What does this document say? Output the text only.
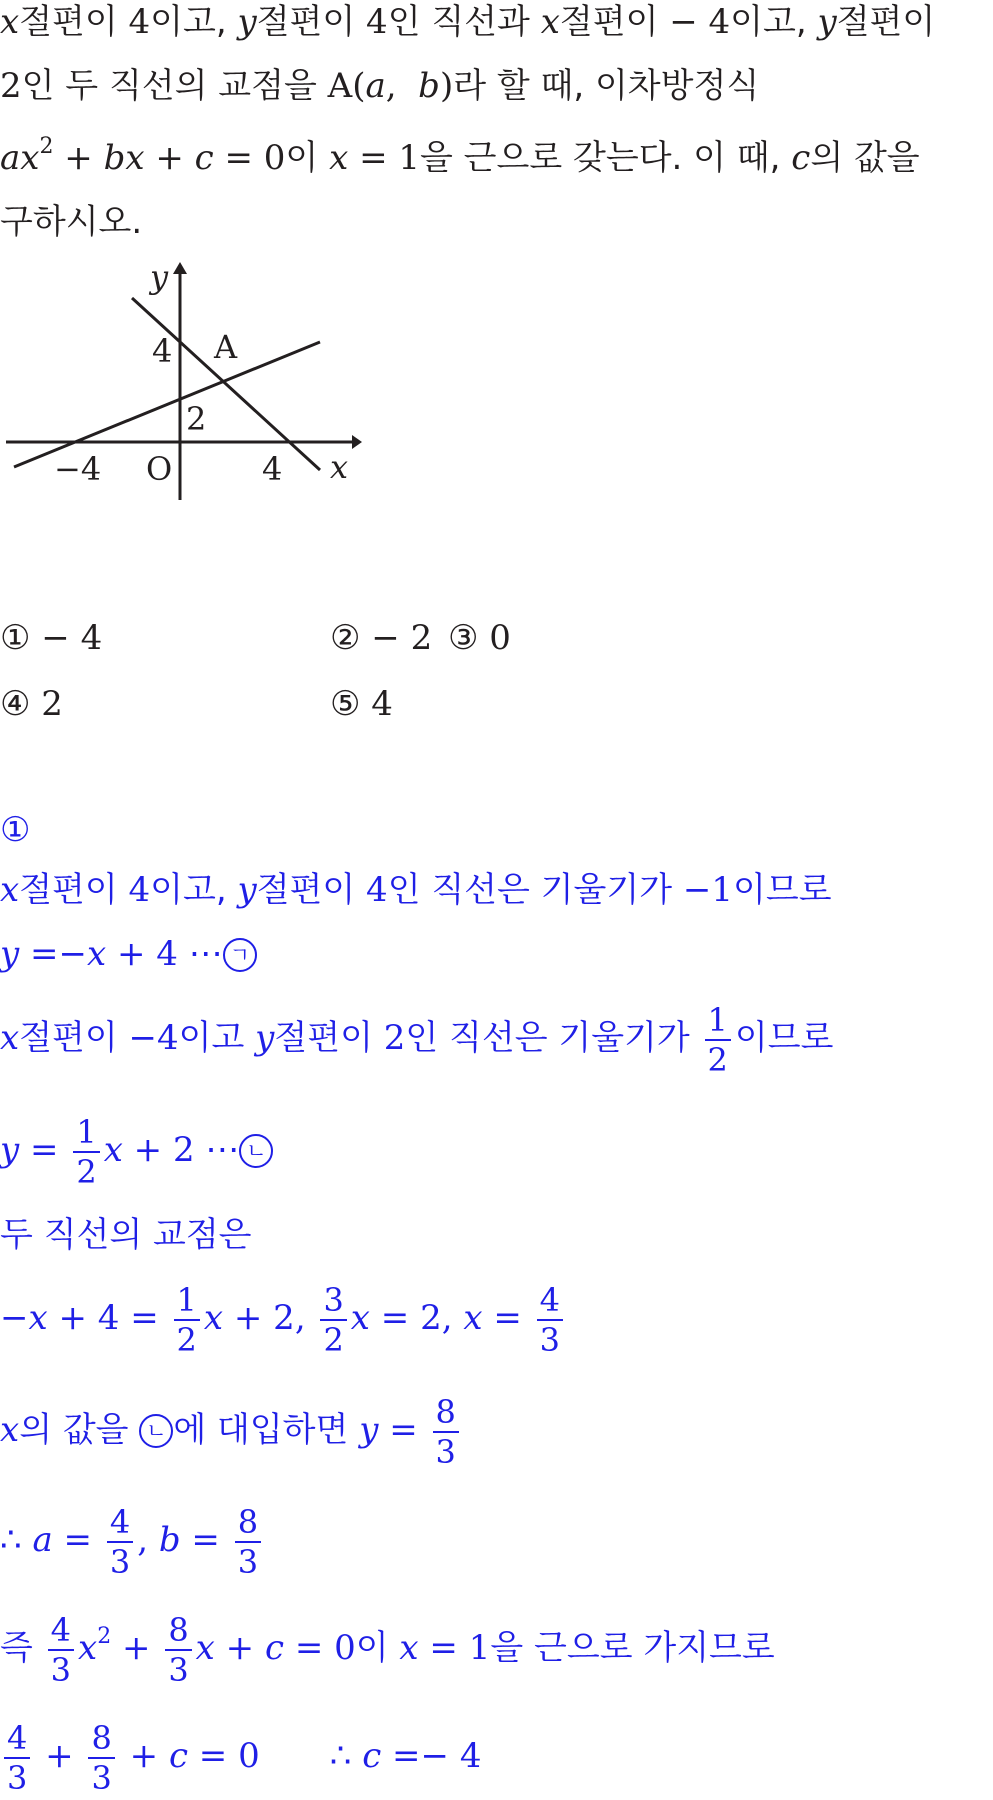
x절편이 4이고, y절편이 4인 직선과 x절편이 − 4이고, y절편이
2인 두 직선의 교점을 A(a, b)라 할 때, 이차방정식
$ax^2$ + bx + c = 0이 x = 1을 근으로 갖는다. 이 때, c의 값을
구하시오.
y
x
4 A
2
−4 O	4
① − 4	② − 2 ③ 0
④ 2	⑤ 4
①
x절편이 4이고, y절편이 4인 직선은 기울기가 −1이므로
y =−x + 4 ⋯ ㄱ
x절편이 −4이고 y절편이 2인 직선은 기울기가 $\frac{1}{2}$ 이므로
$y = \frac{1}{2}$ x + 2 ⋯ ㄴ
두 직선의 교점은
$-x + 4 = \frac{1}{2}$ x + 2, $\frac{3}{2}$ x = 2, $x = \frac{4}{3}$
x의 값을 ㄴ 에 대입하면 $y = \frac{8}{3}$
∴ $a = \frac{4}{3}$ , $b = \frac{8}{3}$
즉 $\frac{4}{3} x^2 + \frac{8}{3}$ x + c = 0이 x = 1을 근으로 가지므로
$\frac{4}{3} + \frac{8}{3} + c = 0$ ∴ c =− 4
